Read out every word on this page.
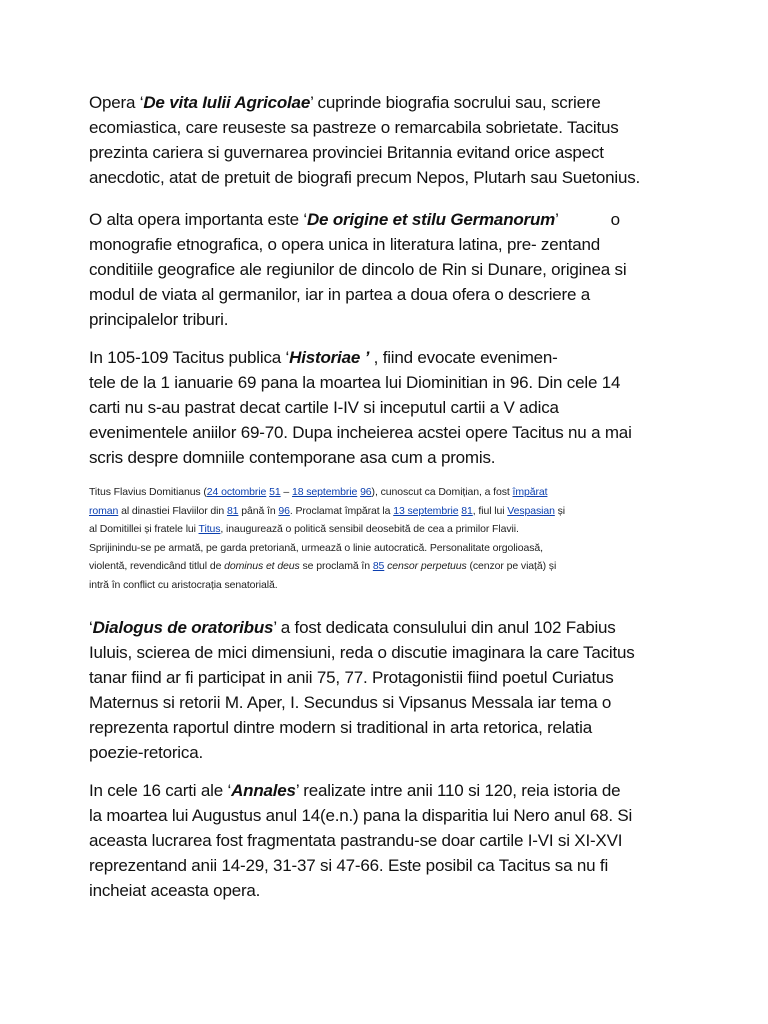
Opera ‘De vita Iulii Agricolae’ cuprinde biografia socrului sau, scriere
ecomiastica, care reuseste sa pastreze o remarcabila sobrietate. Tacitus
prezinta cariera si guvernarea provinciei Britannia evitand orice aspect
anecdotic, atat de pretuit de biografi precum Nepos, Plutarh sau Suetonius.

O alta opera importanta este ‘De origine et stilu Germanorum’	o
monografie etnografica, o opera unica in literatura latina, pre- zentand
conditiile geografice ale regiunilor de dincolo de Rin si Dunare, originea si
modul de viata al germanilor, iar in partea a doua ofera o descriere a
principalelor triburi.

In 105-109 Tacitus publica ‘Historiae ’ , fiind evocate evenimen-
tele de la 1 ianuarie 69 pana la moartea lui Diominitian in 96. Din cele 14
carti nu s-au pastrat decat cartile I-IV si inceputul cartii a V adica
evenimentele aniilor 69-70. Dupa incheierea acstei opere Tacitus nu a mai
scris despre domniile contemporane asa cum a promis.

Titus Flavius Domitianus (24 octombrie 51 – 18 septembrie 96), cunoscut ca Domițian, a fost împărat
roman al dinastiei Flaviilor din 81 până în 96. Proclamat împărat la 13 septembrie 81, fiul lui Vespasian și
al Domitillei și fratele lui Titus, inaugurează o politică sensibil deosebită de cea a primilor Flavii.
Sprijinindu-se pe armată, pe garda pretoriană, urmează o linie autocratică. Personalitate orgolioasă,
violentă, revendicând titlul de dominus et deus se proclamă în 85 censor perpetuus (cenzor pe viață) și
intră în conflict cu aristocrația senatorială.

‘Dialogus de oratoribus’ a fost dedicata consulului din anul 102 Fabius
Iuluis, scierea de mici dimensiuni, reda o discutie imaginara la care Tacitus
tanar fiind ar fi participat in anii 75, 77. Protagonistii fiind poetul Curiatus
Maternus si retorii M. Aper, I. Secundus si Vipsanus Messala iar tema o
reprezenta raportul dintre modern si traditional in arta retorica, relatia
poezie-retorica.

In cele 16 carti ale ‘Annales’ realizate intre anii 110 si 120, reia istoria de
la moartea lui Augustus anul 14(e.n.) pana la disparitia lui Nero anul 68. Si
aceasta lucrarea fost fragmentata pastrandu-se doar cartile I-VI si XI-XVI
reprezentand anii 14-29, 31-37 si 47-66. Este posibil ca Tacitus sa nu fi
incheiat aceasta opera.
